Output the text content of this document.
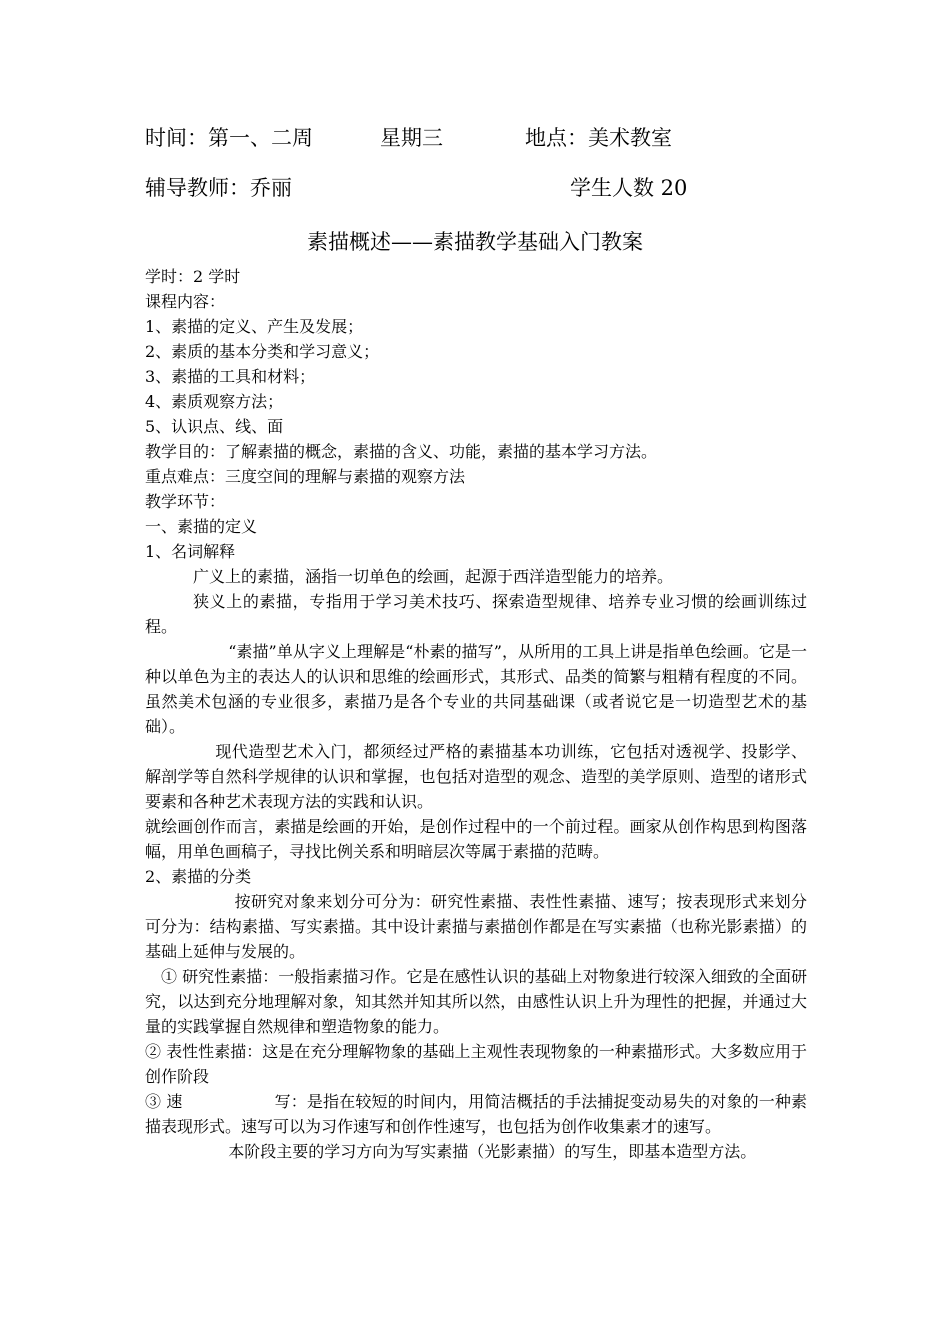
时间：第一、二周	星期三	地点：美术教室
辅导教师：乔丽	学生人数 20
素描概述——素描教学基础入门教案

学时：2 学时

课程内容：

1、素描的定义、产生及发展；

2、素质的基本分类和学习意义；

3、素描的工具和材料；

4、素质观察方法；

5、认识点、线、面

教学目的：了解素描的概念，素描的含义、功能，素描的基本学习方法。

重点难点：三度空间的理解与素描的观察方法

教学环节：

一、素描的定义

1、名词解释

广义上的素描，涵指一切单色的绘画，起源于西洋造型能力的培养。

狭义上的素描，专指用于学习美术技巧、探索造型规律、培养专业习惯的绘画训练过程。

“素描”单从字义上理解是“朴素的描写”，从所用的工具上讲是指单色绘画。它是一种以单色为主的表达人的认识和思维的绘画形式，其形式、品类的简繁与粗精有程度的不同。虽然美术包涵的专业很多，素描乃是各个专业的共同基础课（或者说它是一切造型艺术的基础）。

现代造型艺术入门，都须经过严格的素描基本功训练，它包括对透视学、投影学、解剖学等自然科学规律的认识和掌握，也包括对造型的观念、造型的美学原则、造型的诸形式要素和各种艺术表现方法的实践和认识。

就绘画创作而言，素描是绘画的开始，是创作过程中的一个前过程。画家从创作构思到构图落幅，用单色画稿子，寻找比例关系和明暗层次等属于素描的范畴。

2、素描的分类

按研究对象来划分可分为：研究性素描、表性性素描、速写；按表现形式来划分可分为：结构素描、写实素描。其中设计素描与素描创作都是在写实素描（也称光影素描）的基础上延伸与发展的。

① 研究性素描：一般指素描习作。它是在感性认识的基础上对物象进行较深入细致的全面研究，以达到充分地理解对象，知其然并知其所以然，由感性认识上升为理性的把握，并通过大量的实践掌握自然规律和塑造物象的能力。

② 表性性素描：这是在充分理解物象的基础上主观性表现物象的一种素描形式。大多数应用于创作阶段

③ 速	写：是指在较短的时间内，用简洁概括的手法捕捉变动易失的对象的一种素描表现形式。速写可以为习作速写和创作性速写，也包括为创作收集素才的速写。

本阶段主要的学习方向为写实素描（光影素描）的写生，即基本造型方法。
